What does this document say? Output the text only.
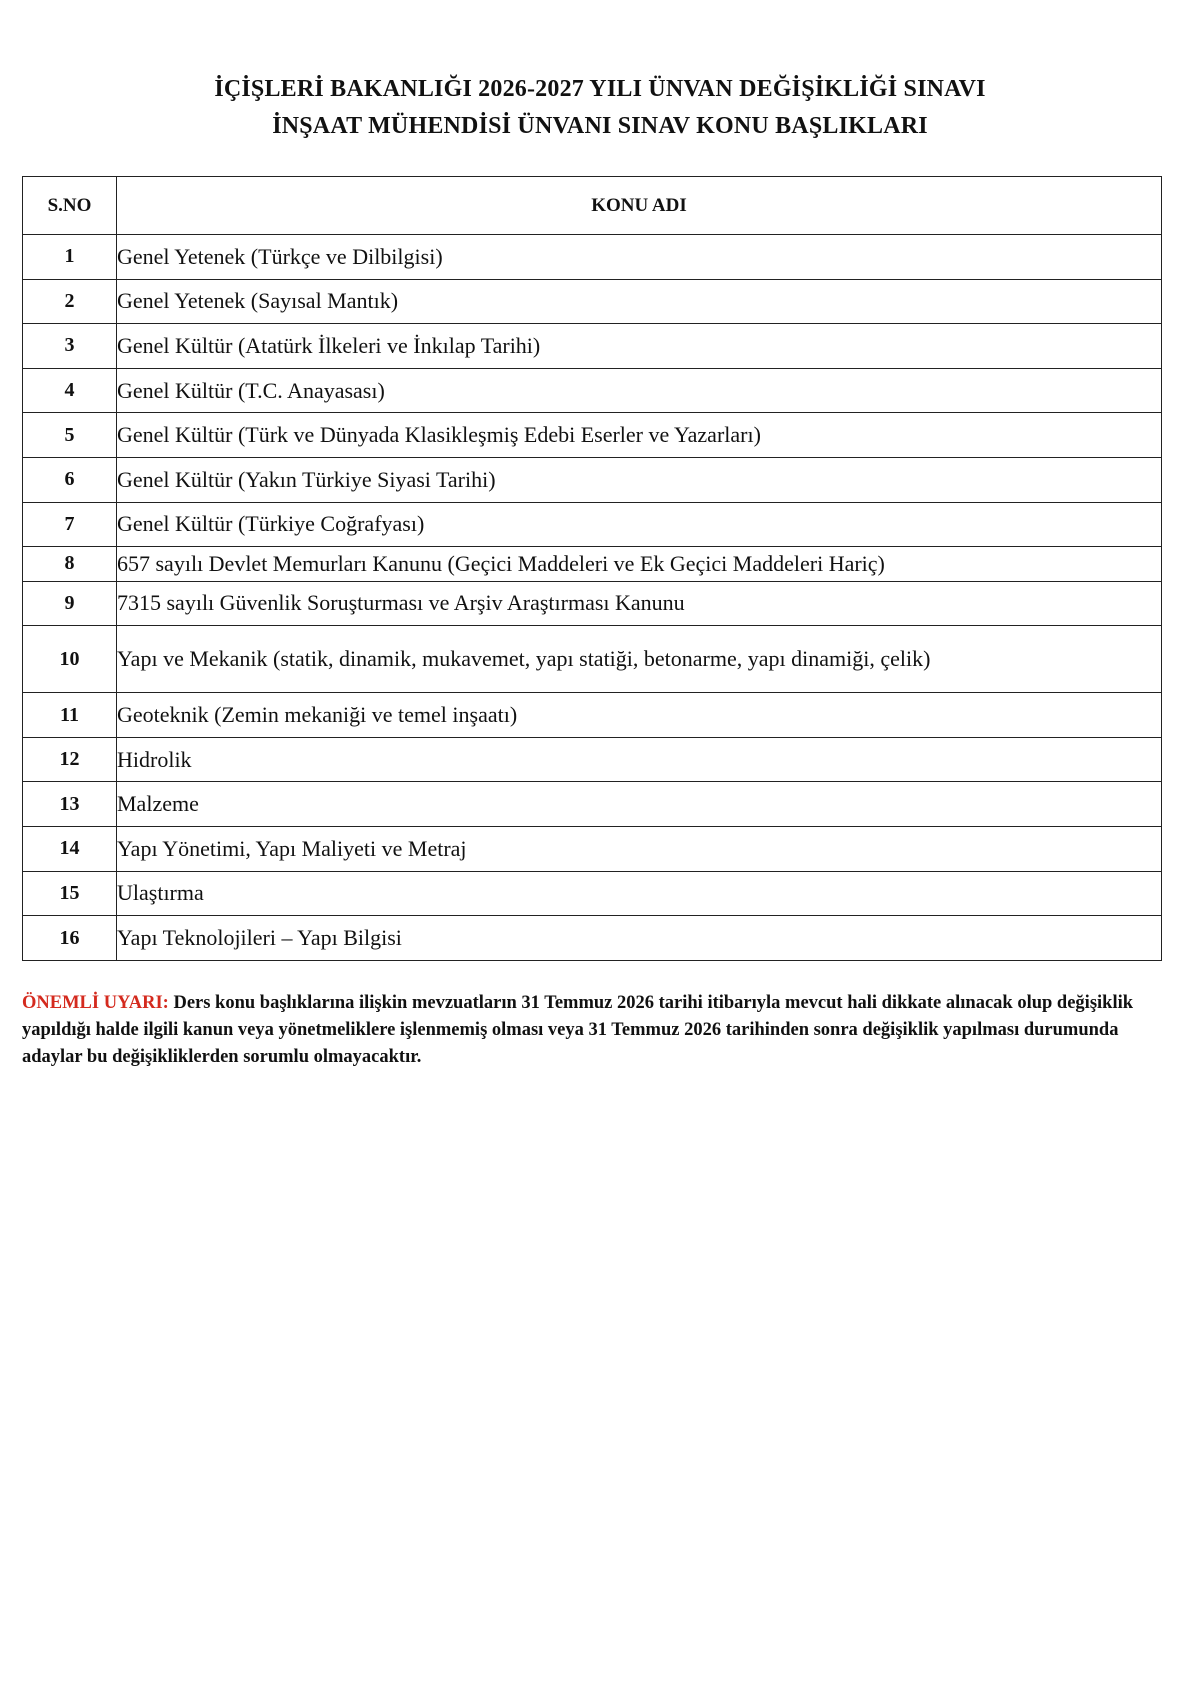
İÇİŞLERİ BAKANLIĞI 2026-2027 YILI ÜNVAN DEĞİŞİKLİĞİ SINAVI
İNŞAAT MÜHENDİSİ ÜNVANI SINAV KONU BAŞLIKLARI
S.NO	KONU ADI
1	Genel Yetenek (Türkçe ve Dilbilgisi)
2	Genel Yetenek (Sayısal Mantık)
3	Genel Kültür (Atatürk İlkeleri ve İnkılap Tarihi)
4	Genel Kültür (T.C. Anayasası)
5	Genel Kültür (Türk ve Dünyada Klasikleşmiş Edebi Eserler ve Yazarları)
6	Genel Kültür (Yakın Türkiye Siyasi Tarihi)
7	Genel Kültür (Türkiye Coğrafyası)
8	657 sayılı Devlet Memurları Kanunu (Geçici Maddeleri ve Ek Geçici Maddeleri Hariç)
9	7315 sayılı Güvenlik Soruşturması ve Arşiv Araştırması Kanunu
10	Yapı ve Mekanik (statik, dinamik, mukavemet, yapı statiği, betonarme, yapı dinamiği, çelik)
11	Geoteknik (Zemin mekaniği ve temel inşaatı)
12	Hidrolik
13	Malzeme
14	Yapı Yönetimi, Yapı Maliyeti ve Metraj
15	Ulaştırma
16	Yapı Teknolojileri – Yapı Bilgisi

ÖNEMLİ UYARI: Ders konu başlıklarına ilişkin mevzuatların 31 Temmuz 2026 tarihi itibarıyla mevcut hali dikkate alınacak olup değişiklik yapıldığı halde ilgili kanun veya yönetmeliklere işlenmemiş olması veya 31 Temmuz 2026 tarihinden sonra değişiklik yapılması durumunda adaylar bu değişikliklerden sorumlu olmayacaktır.
